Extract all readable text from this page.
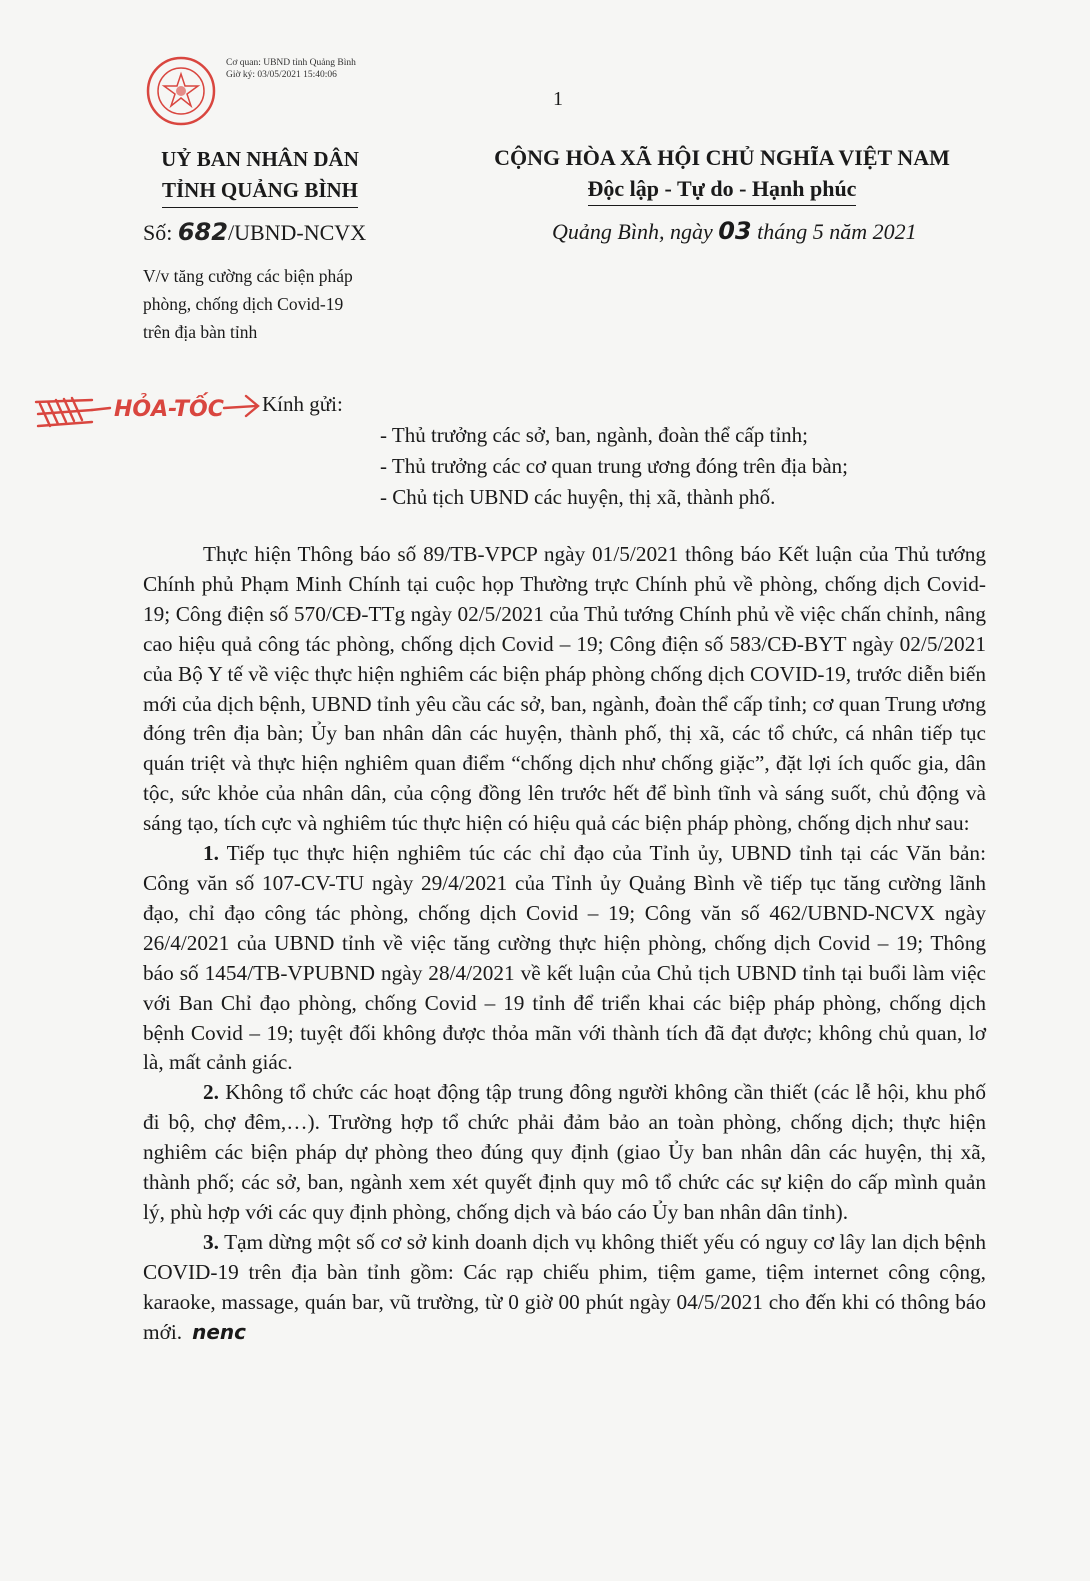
Cơ quan: UBND tỉnh Quảng Bình
Giờ ký: 03/05/2021 15:40:06
1
UỶ BAN NHÂN DÂN
TỈNH QUẢNG BÌNH
CỘNG HÒA XÃ HỘI CHỦ NGHĨA VIỆT NAM
Độc lập - Tự do - Hạnh phúc
Số: 682/UBND-NCVX	Quảng Bình, ngày 03 tháng 5 năm 2021
V/v tăng cường các biện pháp
phòng, chống dịch Covid-19
trên địa bàn tỉnh
HỎA-TỐC Kính gửi:
- Thủ trưởng các sở, ban, ngành, đoàn thể cấp tỉnh;
- Thủ trưởng các cơ quan trung ương đóng trên địa bàn;
- Chủ tịch UBND các huyện, thị xã, thành phố.

Thực hiện Thông báo số 89/TB-VPCP ngày 01/5/2021 thông báo Kết luận của Thủ tướng Chính phủ Phạm Minh Chính tại cuộc họp Thường trực Chính phủ về phòng, chống dịch Covid-19; Công điện số 570/CĐ-TTg ngày 02/5/2021 của Thủ tướng Chính phủ về việc chấn chỉnh, nâng cao hiệu quả công tác phòng, chống dịch Covid – 19; Công điện số 583/CĐ-BYT ngày 02/5/2021 của Bộ Y tế về việc thực hiện nghiêm các biện pháp phòng chống dịch COVID-19, trước diễn biến mới của dịch bệnh, UBND tỉnh yêu cầu các sở, ban, ngành, đoàn thể cấp tỉnh; cơ quan Trung ương đóng trên địa bàn; Ủy ban nhân dân các huyện, thành phố, thị xã, các tổ chức, cá nhân tiếp tục quán triệt và thực hiện nghiêm quan điểm “chống dịch như chống giặc”, đặt lợi ích quốc gia, dân tộc, sức khỏe của nhân dân, của cộng đồng lên trước hết để bình tĩnh và sáng suốt, chủ động và sáng tạo, tích cực và nghiêm túc thực hiện có hiệu quả các biện pháp phòng, chống dịch như sau:

1. Tiếp tục thực hiện nghiêm túc các chỉ đạo của Tỉnh ủy, UBND tỉnh tại các Văn bản: Công văn số 107-CV-TU ngày 29/4/2021 của Tỉnh ủy Quảng Bình về tiếp tục tăng cường lãnh đạo, chỉ đạo công tác phòng, chống dịch Covid – 19; Công văn số 462/UBND-NCVX ngày 26/4/2021 của UBND tỉnh về việc tăng cường thực hiện phòng, chống dịch Covid – 19; Thông báo số 1454/TB-VPUBND ngày 28/4/2021 về kết luận của Chủ tịch UBND tỉnh tại buổi làm việc với Ban Chỉ đạo phòng, chống Covid – 19 tỉnh để triển khai các biệp pháp phòng, chống dịch bệnh Covid – 19; tuyệt đối không được thỏa mãn với thành tích đã đạt được; không chủ quan, lơ là, mất cảnh giác.

2. Không tổ chức các hoạt động tập trung đông người không cần thiết (các lễ hội, khu phố đi bộ, chợ đêm,…). Trường hợp tổ chức phải đảm bảo an toàn phòng, chống dịch; thực hiện nghiêm các biện pháp dự phòng theo đúng quy định (giao Ủy ban nhân dân các huyện, thị xã, thành phố; các sở, ban, ngành xem xét quyết định quy mô tổ chức các sự kiện do cấp mình quản lý, phù hợp với các quy định phòng, chống dịch và báo cáo Ủy ban nhân dân tỉnh).

3. Tạm dừng một số cơ sở kinh doanh dịch vụ không thiết yếu có nguy cơ lây lan dịch bệnh COVID-19 trên địa bàn tỉnh gồm: Các rạp chiếu phim, tiệm game, tiệm internet công cộng, karaoke, massage, quán bar, vũ trường, từ 0 giờ 00 phút ngày 04/5/2021 cho đến khi có thông báo mới. nenc
